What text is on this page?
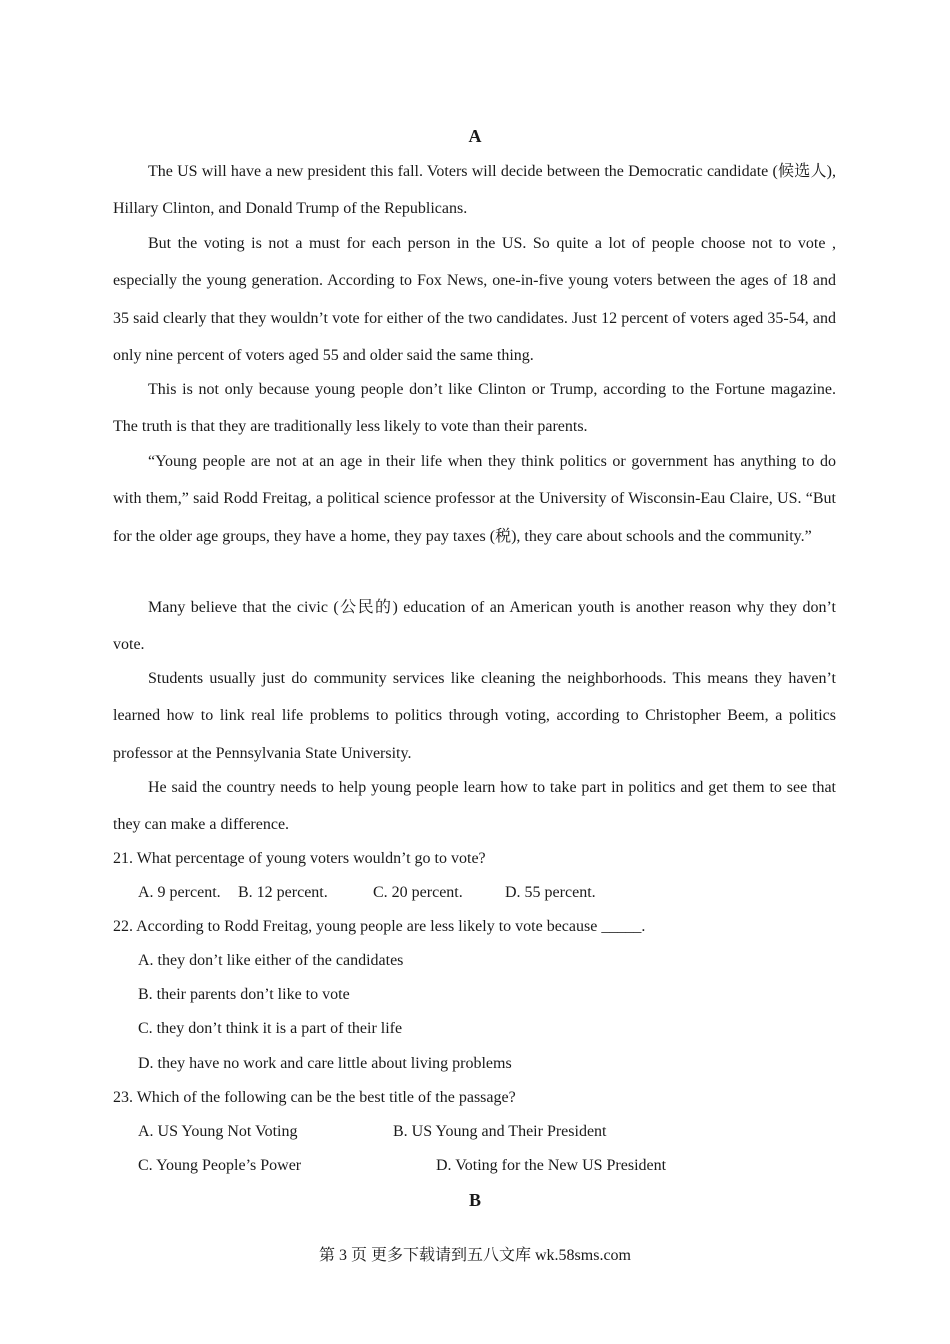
A

The US will have a new president this fall. Voters will decide between the Democratic candidate (候选人), Hillary Clinton, and Donald Trump of the Republicans.

But the voting is not a must for each person in the US. So quite a lot of people choose not to vote , especially the young generation. According to Fox News, one-in-five young voters between the ages of 18 and 35 said clearly that they wouldn’t vote for either of the two candidates. Just 12 percent of voters aged 35-54, and only nine percent of voters aged 55 and older said the same thing.

This is not only because young people don’t like Clinton or Trump, according to the Fortune magazine. The truth is that they are traditionally less likely to vote than their parents.

“Young people are not at an age in their life when they think politics or government has anything to do with them,” said Rodd Freitag, a political science professor at the University of Wisconsin-Eau Claire, US. “But for the older age groups, they have a home, they pay taxes (税), they care about schools and the community.”

Many believe that the civic (公民的) education of an American youth is another reason why they don’t vote.

Students usually just do community services like cleaning the neighborhoods. This means they haven’t learned how to link real life problems to politics through voting, according to Christopher Beem, a politics professor at the Pennsylvania State University.

He said the country needs to help young people learn how to take part in politics and get them to see that they can make a difference.

21. What percentage of young voters wouldn’t go to vote?
A. 9 percent. B. 12 percent.	C. 20 percent.	D. 55 percent.
22. According to Rodd Freitag, young people are less likely to vote because _____.
A. they don’t like either of the candidates
B. their parents don’t like to vote
C. they don’t think it is a part of their life
D. they have no work and care little about living problems
23. Which of the following can be the best title of the passage?
A. US Young Not Voting	B. US Young and Their President
C. Young People’s Power	D. Voting for the New US President
B
第 3 页 更多下载请到五八文库 wk.58sms.com
